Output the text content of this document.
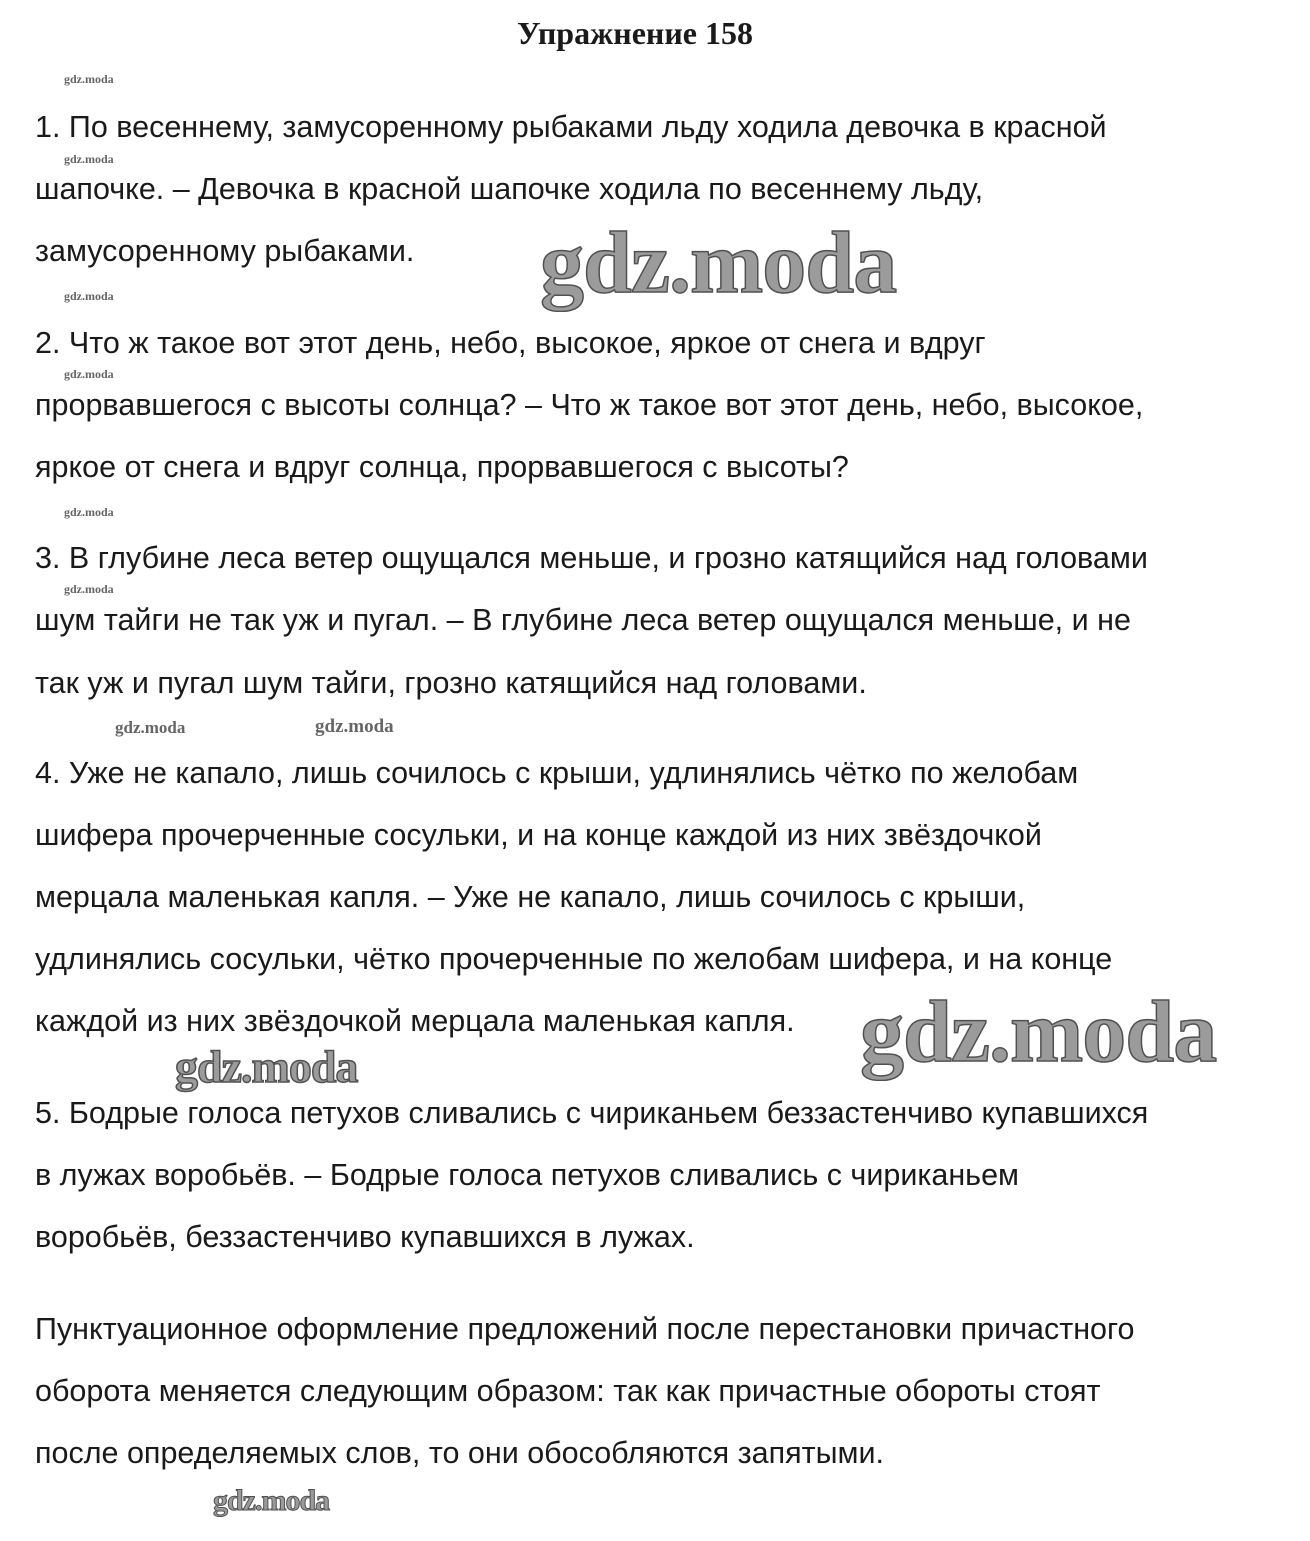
Упражнение 158
1. По весеннему, замусоренному рыбаками льду ходила девочка в красной
шапочке. – Девочка в красной шапочке ходила по весеннему льду,
замусоренному рыбаками.
2. Что ж такое вот этот день, небо, высокое, яркое от снега и вдруг
прорвавшегося с высоты солнца? – Что ж такое вот этот день, небо, высокое,
яркое от снега и вдруг солнца, прорвавшегося с высоты?
3. В глубине леса ветер ощущался меньше, и грозно катящийся над головами
шум тайги не так уж и пугал. – В глубине леса ветер ощущался меньше, и не
так уж и пугал шум тайги, грозно катящийся над головами.
4. Уже не капало, лишь сочилось с крыши, удлинялись чётко по желобам
шифера прочерченные сосульки, и на конце каждой из них звёздочкой
мерцала маленькая капля. – Уже не капало, лишь сочилось с крыши,
удлинялись сосульки, чётко прочерченные по желобам шифера, и на конце
каждой из них звёздочкой мерцала маленькая капля.
5. Бодрые голоса петухов сливались с чириканьем беззастенчиво купавшихся
в лужах воробьёв. – Бодрые голоса петухов сливались с чириканьем
воробьёв, беззастенчиво купавшихся в лужах.
Пунктуационное оформление предложений после перестановки причастного
оборота меняется следующим образом: так как причастные обороты стоят
после определяемых слов, то они обособляются запятыми.
gdz.moda
gdz.moda
gdz.moda
gdz.moda
gdz.moda
gdz.moda
gdz.moda	gdz.moda
gdz.moda
gdz.moda
gdz.moda
gdz.moda
